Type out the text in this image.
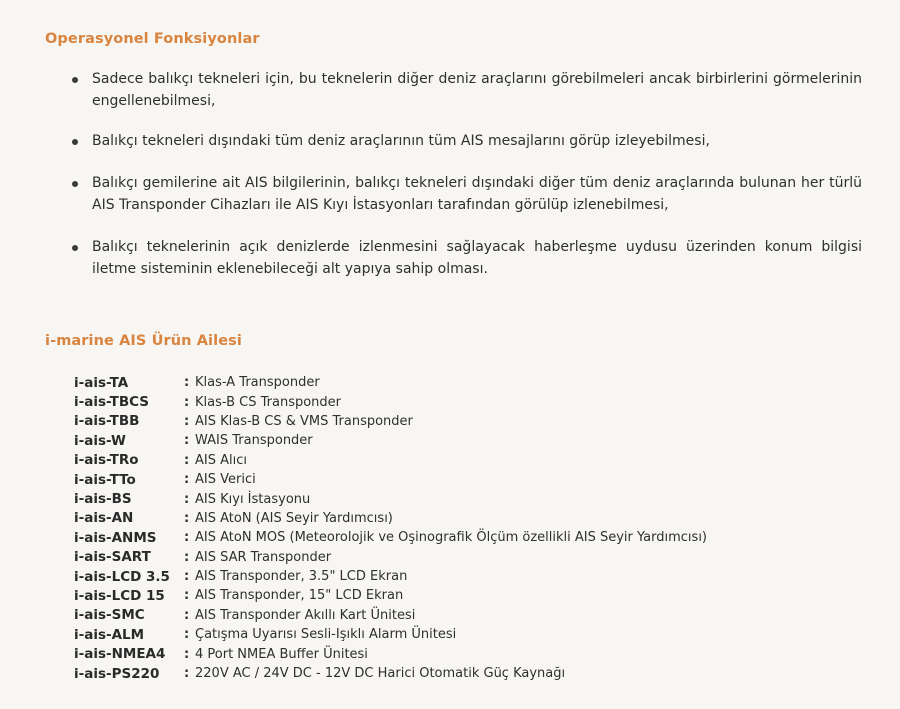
Operasyonel Fonksiyonlar
Sadece balıkçı tekneleri için, bu teknelerin diğer deniz araçlarını görebilmeleri ancak birbirlerini görmelerinin engellenebilmesi,
Balıkçı tekneleri dışındaki tüm deniz araçlarının tüm AIS mesajlarını görüp izleyebilmesi,
Balıkçı gemilerine ait AIS bilgilerinin, balıkçı tekneleri dışındaki diğer tüm deniz araçlarında bulunan her türlü AIS Transponder Cihazları ile AIS Kıyı İstasyonları tarafından görülüp izlenebilmesi,
Balıkçı teknelerinin açık denizlerde izlenmesini sağlayacak haberleşme uydusu üzerinden konum bilgisi iletme sisteminin eklenebileceği alt yapıya sahip olması.
i-marine AIS Ürün Ailesi
i-ais-TA	: Klas-A Transponder
i-ais-TBCS	: Klas-B CS Transponder
i-ais-TBB	: AIS Klas-B CS & VMS Transponder
i-ais-W	: WAIS Transponder
i-ais-TRo	: AIS Alıcı
i-ais-TTo	: AIS Verici
i-ais-BS	: AIS Kıyı İstasyonu
i-ais-AN	: AIS AtoN (AIS Seyir Yardımcısı)
i-ais-ANMS	: AIS AtoN MOS (Meteorolojik ve Oşinografik Ölçüm özellikli AIS Seyir Yardımcısı)
i-ais-SART	: AIS SAR Transponder
i-ais-LCD 3.5	: AIS Transponder, 3.5" LCD Ekran
i-ais-LCD 15	: AIS Transponder, 15" LCD Ekran
i-ais-SMC	: AIS Transponder Akıllı Kart Ünitesi
i-ais-ALM	: Çatışma Uyarısı Sesli-Işıklı Alarm Ünitesi
i-ais-NMEA4	: 4 Port NMEA Buffer Ünitesi
i-ais-PS220	: 220V AC / 24V DC - 12V DC Harici Otomatik Güç Kaynağı
